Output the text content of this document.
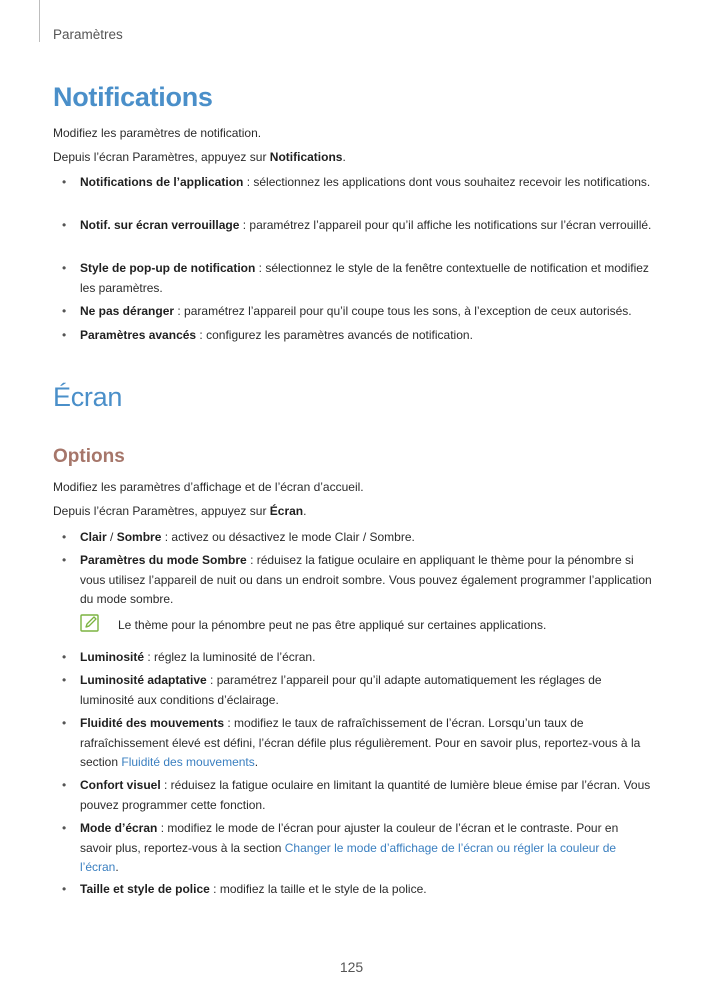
Paramètres
Notifications
Modifiez les paramètres de notification.
Depuis l’écran Paramètres, appuyez sur Notifications.
• Notifications de l’application : sélectionnez les applications dont vous souhaitez recevoir les notifications.
• Notif. sur écran verrouillage : paramétrez l’appareil pour qu’il affiche les notifications sur l’écran verrouillé.
• Style de pop-up de notification : sélectionnez le style de la fenêtre contextuelle de notification et modifiez les paramètres.
• Ne pas déranger : paramétrez l’appareil pour qu’il coupe tous les sons, à l’exception de ceux autorisés.
• Paramètres avancés : configurez les paramètres avancés de notification.
Écran
Options
Modifiez les paramètres d’affichage et de l’écran d’accueil.
Depuis l’écran Paramètres, appuyez sur Écran.
• Clair / Sombre : activez ou désactivez le mode Clair / Sombre.
• Paramètres du mode Sombre : réduisez la fatigue oculaire en appliquant le thème pour la pénombre si vous utilisez l’appareil de nuit ou dans un endroit sombre. Vous pouvez également programmer l’application du mode sombre.
Le thème pour la pénombre peut ne pas être appliqué sur certaines applications.
• Luminosité : réglez la luminosité de l’écran.
• Luminosité adaptative : paramétrez l’appareil pour qu’il adapte automatiquement les réglages de luminosité aux conditions d’éclairage.
• Fluidité des mouvements : modifiez le taux de rafraîchissement de l’écran. Lorsqu’un taux de rafraîchissement élevé est défini, l’écran défile plus régulièrement. Pour en savoir plus, reportez-vous à la section Fluidité des mouvements.
• Confort visuel : réduisez la fatigue oculaire en limitant la quantité de lumière bleue émise par l’écran. Vous pouvez programmer cette fonction.
• Mode d’écran : modifiez le mode de l’écran pour ajuster la couleur de l’écran et le contraste. Pour en savoir plus, reportez-vous à la section Changer le mode d’affichage de l’écran ou régler la couleur de l’écran.
• Taille et style de police : modifiez la taille et le style de la police.
125
